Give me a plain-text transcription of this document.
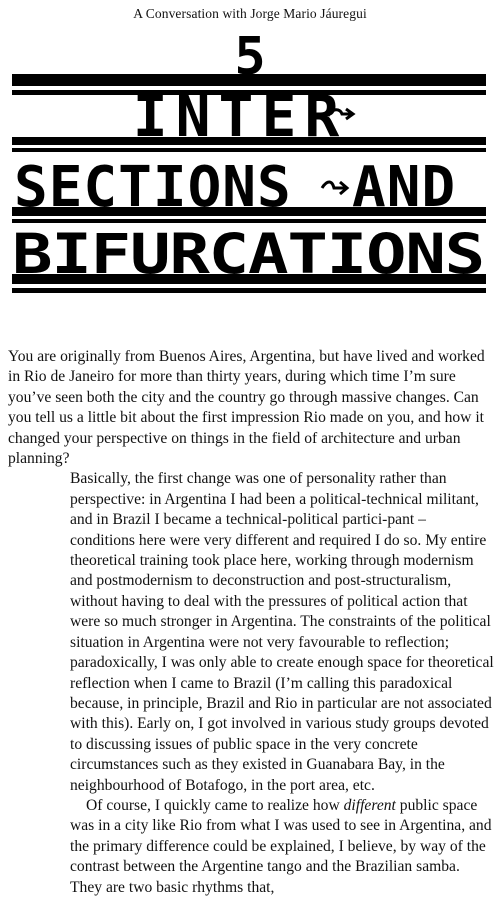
A Conversation with Jorge Mario Jáuregui
5
INTER
SECTIONS AND
BIFURCATIONS

You are originally from Buenos Aires, Argentina, but have lived and worked in Rio de Janeiro for more than thirty years, during which time I’m sure you’ve seen both the city and the country go through massive changes. Can you tell us a little bit about the first impression Rio made on you, and how it changed your perspective on things in the field of architecture and urban planning?

Basically, the first change was one of personality rather than perspective: in Argentina I had been a political-technical militant, and in Brazil I became a technical-political partici-pant – conditions here were very different and required I do so. My entire theoretical training took place here, working through modernism and postmodernism to deconstruction and post-structuralism, without having to deal with the pressures of political action that were so much stronger in Argentina. The constraints of the political situation in Argentina were not very favourable to reflection; paradoxically, I was only able to create enough space for theoretical reflection when I came to Brazil (I’m calling this paradoxical because, in principle, Brazil and Rio in particular are not associated with this). Early on, I got involved in various study groups devoted to discussing issues of public space in the very concrete circumstances such as they existed in Guanabara Bay, in the neighbourhood of Botafogo, in the port area, etc.

Of course, I quickly came to realize how different public space was in a city like Rio from what I was used to see in Argentina, and the primary difference could be explained, I believe, by way of the contrast between the Argentine tango and the Brazilian samba. They are two basic rhythms that,
